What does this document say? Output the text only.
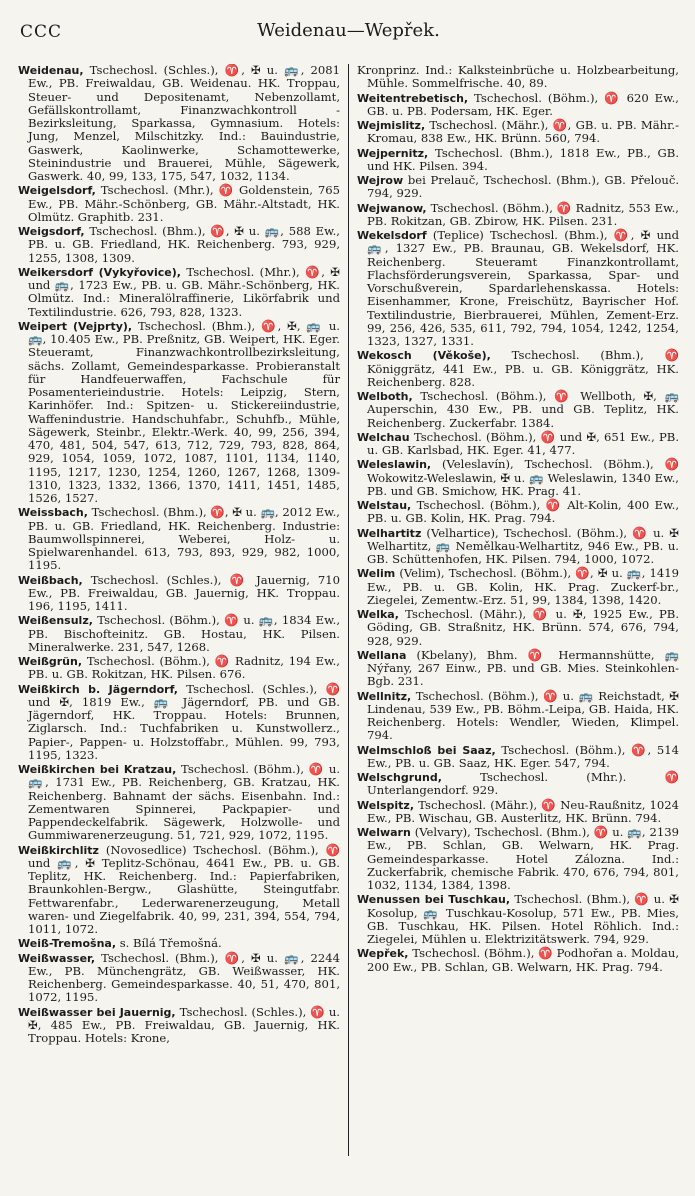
CCC	Weidenau—Wepřek.

Weidenau, Tschechosl. (Schles.), ♈, ✠ u. 🚌, 2081 Ew., PB. Freiwaldau, GB. Weidenau. HK. Troppau, Steuer- und Depositenamt, Nebenzollamt, Gefällskontrollamt, Finanzwachkontroll - Bezirksleitung, Sparkassa, Gymnasium. Hotels: Jung, Menzel, Milschitzky. Ind.: Bauindustrie, Gaswerk, Kaolinwerke, Schamottewerke, Steinindustrie und Brauerei, Mühle, Sägewerk, Gaswerk. 40, 99, 133, 175, 547, 1032, 1134.

Weigelsdorf, Tschechosl. (Mhr.), ♈ Goldenstein, 765 Ew., PB. Mähr.-Schönberg, GB. Mähr.-Altstadt, HK. Olmütz. Graphitb. 231.

Weigsdorf, Tschechosl. (Bhm.), ♈, ✠ u. 🚌, 588 Ew., PB. u. GB. Friedland, HK. Reichenberg. 793, 929, 1255, 1308, 1309.

Weikersdorf (Vykyřovice), Tschechosl. (Mhr.), ♈, ✠ und 🚌, 1723 Ew., PB. u. GB. Mähr.-Schönberg, HK. Olmütz. Ind.: Mineralölraffinerie, Likörfabrik und Textilindustrie. 626, 793, 828, 1323.

Weipert (Vejprty), Tschechosl. (Bhm.), ♈, ✠, 🚌 u. 🚌, 10.405 Ew., PB. Preßnitz, GB. Weipert, HK. Eger. Steueramt, Finanzwachkontrollbezirksleitung, sächs. Zollamt, Gemeindesparkasse. Probieranstalt für Handfeuerwaffen, Fachschule für Posamenterieindustrie. Hotels: Leipzig, Stern, Karinhöfer. Ind.: Spitzen- u. Stickereiindustrie, Waffenindustrie. Handschuhfabr., Schuhfb., Mühle, Sägewerk, Steinbr., Elektr.-Werk. 40, 99, 256, 394, 470, 481, 504, 547, 613, 712, 729, 793, 828, 864, 929, 1054, 1059, 1072, 1087, 1101, 1134, 1140, 1195, 1217, 1230, 1254, 1260, 1267, 1268, 1309-1310, 1323, 1332, 1366, 1370, 1411, 1451, 1485, 1526, 1527.

Weissbach, Tschechosl. (Bhm.), ♈, ✠ u. 🚌, 2012 Ew., PB. u. GB. Friedland, HK. Reichenberg. Industrie: Baumwollspinnerei, Weberei, Holz- u. Spielwarenhandel. 613, 793, 893, 929, 982, 1000, 1195.

Weißbach, Tschechosl. (Schles.), ♈ Jauernig, 710 Ew., PB. Freiwaldau, GB. Jauernig, HK. Troppau. 196, 1195, 1411.

Weißensulz, Tschechosl. (Böhm.), ♈ u. 🚌, 1834 Ew., PB. Bischofteinitz. GB. Hostau, HK. Pilsen. Mineralwerke. 231, 547, 1268.

Weißgrün, Tschechosl. (Böhm.), ♈ Radnitz, 194 Ew., PB. u. GB. Rokitzan, HK. Pilsen. 676.

Weißkirch b. Jägerndorf, Tschechosl. (Schles.), ♈ und ✠, 1819 Ew., 🚌 Jägerndorf, PB. und GB. Jägerndorf, HK. Troppau. Hotels: Brunnen, Ziglarsch. Ind.: Tuchfabriken u. Kunstwollerz., Papier-, Pappen- u. Holzstoffabr., Mühlen. 99, 793, 1195, 1323.

Weißkirchen bei Kratzau, Tschechosl. (Böhm.), ♈ u. 🚌, 1731 Ew., PB. Reichenberg, GB. Kratzau, HK. Reichenberg. Bahnamt der sächs. Eisenbahn. Ind.: Zementwaren Spinnerei, Packpapier- und Pappendeckelfabrik. Sägewerk, Holzwolle- und Gummiwarenerzeugung. 51, 721, 929, 1072, 1195.

Weißkirchlitz (Novosedlice) Tschechosl. (Böhm.), ♈ und 🚌, ✠ Teplitz-Schönau, 4641 Ew., PB. u. GB. Teplitz, HK. Reichenberg. Ind.: Papierfabriken, Braunkohlen-Bergw., Glashütte, Steingutfabr. Fettwarenfabr., Lederwarenerzeugung, Metall waren- und Ziegelfabrik. 40, 99, 231, 394, 554, 794, 1011, 1072.

Weiß-Tremošna, s. Bílá Třemošná.

Weißwasser, Tschechosl. (Bhm.), ♈, ✠ u. 🚌, 2244 Ew., PB. Münchengrätz, GB. Weißwasser, HK. Reichenberg. Gemeindesparkasse. 40, 51, 470, 801, 1072, 1195.

Weißwasser bei Jauernig, Tschechosl. (Schles.), ♈ u. ✠, 485 Ew., PB. Freiwaldau, GB. Jauernig, HK. Troppau. Hotels: Krone,

Kronprinz. Ind.: Kalksteinbrüche u. Holzbearbeitung, Mühle. Sommelfrische. 40, 89.

Weitentrebetisch, Tschechosl. (Böhm.), ♈ 620 Ew., GB. u. PB. Podersam, HK. Eger.

Wejmislitz, Tschechosl. (Mähr.), ♈, GB. u. PB. Mähr.-Kromau, 838 Ew., HK. Brünn. 560, 794.

Wejpernitz, Tschechosl. (Bhm.), 1818 Ew., PB., GB. und HK. Pilsen. 394.

Wejrow bei Prelauč, Tschechosl. (Bhm.), GB. Přelouč. 794, 929.

Wejwanow, Tschechosl. (Böhm.), ♈ Radnitz, 553 Ew., PB. Rokitzan, GB. Zbirow, HK. Pilsen. 231.

Wekelsdorf (Teplice) Tschechosl. (Bhm.), ♈, ✠ und 🚌, 1327 Ew., PB. Braunau, GB. Wekelsdorf, HK. Reichenberg. Steueramt Finanzkontrollamt, Flachsförderungsverein, Sparkassa, Spar- und Vorschußverein, Spardarlehenskassa. Hotels: Eisenhammer, Krone, Freischütz, Bayrischer Hof. Textilindustrie, Bierbrauerei, Mühlen, Zement-Erz. 99, 256, 426, 535, 611, 792, 794, 1054, 1242, 1254, 1323, 1327, 1331.

Wekosch (Věkoše), Tschechosl. (Bhm.), ♈ Königgrätz, 441 Ew., PB. u. GB. Königgrätz, HK. Reichenberg. 828.

Welboth, Tschechosl. (Böhm.), ♈ Wellboth, ✠, 🚌 Auperschin, 430 Ew., PB. und GB. Teplitz, HK. Reichenberg. Zuckerfabr. 1384.

Welchau Tschechosl. (Böhm.), ♈ und ✠, 651 Ew., PB. u. GB. Karlsbad, HK. Eger. 41, 477.

Weleslawin, (Veleslavín), Tschechosl. (Böhm.), ♈ Wokowitz-Weleslawin, ✠ u. 🚌 Weleslawin, 1340 Ew., PB. und GB. Smichow, HK. Prag. 41.

Welstau, Tschechosl. (Böhm.), ♈ Alt-Kolin, 400 Ew., PB. u. GB. Kolin, HK. Prag. 794.

Welhartitz (Velhartice), Tschechosl. (Böhm.), ♈ u. ✠ Welhartitz, 🚌 Nemělkau-Welhartitz, 946 Ew., PB. u. GB. Schüttenhofen, HK. Pilsen. 794, 1000, 1072.

Welim (Velim), Tschechosl. (Böhm.), ♈, ✠ u. 🚌, 1419 Ew., PB. u. GB. Kolin, HK. Prag. Zuckerf-br., Ziegelei, Zementw.-Erz. 51, 99, 1384, 1398, 1420.

Welka, Tschechosl. (Mähr.), ♈ u. ✠, 1925 Ew., PB. Göding, GB. Straßnitz, HK. Brünn. 574, 676, 794, 928, 929.

Wellana (Kbelany), Bhm. ♈ Hermannshütte, 🚌 Nýřany, 267 Einw., PB. und GB. Mies. Steinkohlen-Bgb. 231.

Wellnitz, Tschechosl. (Böhm.), ♈ u. 🚌 Reichstadt, ✠ Lindenau, 539 Ew., PB. Böhm.-Leipa, GB. Haida, HK. Reichenberg. Hotels: Wendler, Wieden, Klimpel. 794.

Welmschloß bei Saaz, Tschechosl. (Böhm.), ♈, 514 Ew., PB. u. GB. Saaz, HK. Eger. 547, 794.

Welschgrund,	Tschechosl. (Mhr.). ♈ Unterlangendorf. 929.

Welspitz, Tschechosl. (Mähr.), ♈ Neu-Raußnitz, 1024 Ew., PB. Wischau, GB. Austerlitz, HK. Brünn. 794.

Welwarn (Velvary), Tschechosl. (Bhm.), ♈ u. 🚌, 2139 Ew., PB. Schlan, GB. Welwarn, HK. Prag. Gemeindesparkasse. Hotel Zálozna. Ind.: Zuckerfabrik, chemische Fabrik. 470, 676, 794, 801, 1032, 1134, 1384, 1398.

Wenussen bei Tuschkau, Tschechosl. (Bhm.), ♈ u. ✠ Kosolup, 🚌 Tuschkau-Kosolup, 571 Ew., PB. Mies, GB. Tuschkau, HK. Pilsen. Hotel Röhlich. Ind.: Ziegelei, Mühlen u. Elektrizitätswerk. 794, 929.

Wepřek, Tschechosl. (Böhm.), ♈ Podhořan a. Moldau, 200 Ew., PB. Schlan, GB. Welwarn, HK. Prag. 794.
